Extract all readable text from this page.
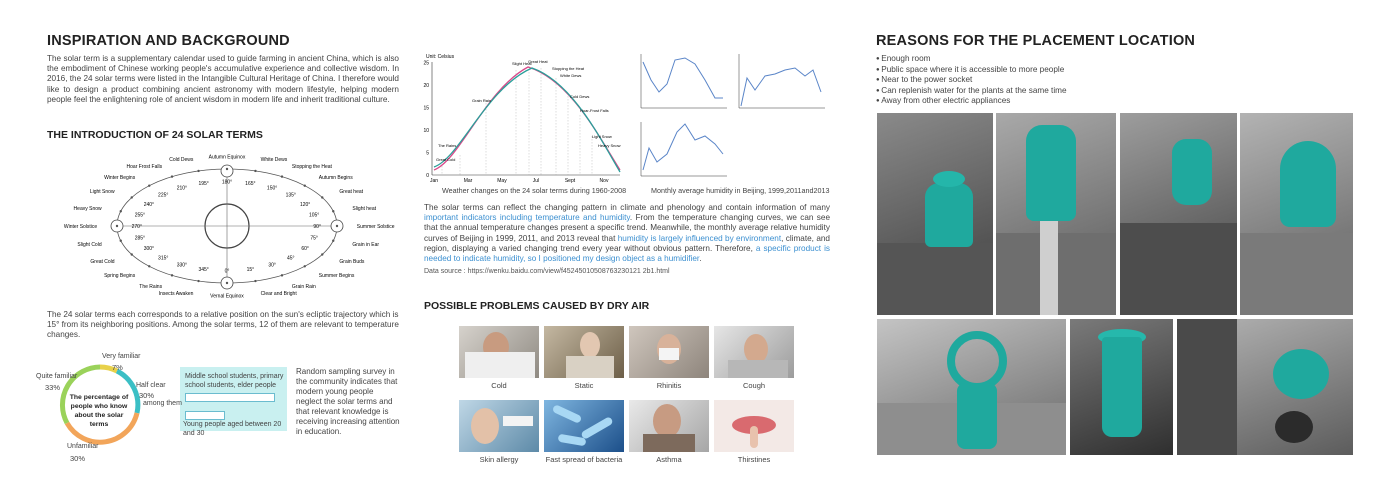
INSPIRATION AND BACKGROUND
The solar term is a supplementary calendar used to guide farming in ancient China, which is also the embodiment of Chinese working people's accumulative experience and collective wisdom. In 2016, the 24 solar terms were listed in the Intangible Cultural Heritage of China. I therefore would like to design a product combining ancient astronomy with modern lifestyle, helping modern people feel the enlightening role of ancient wisdom in modern life and inherit traditional culture.
THE INTRODUCTION OF 24 SOLAR TERMS
Autumn Equinox
180°
White Dews
165°
Stopping the Heat
150°
Autumn Begins
135°
Great heat
120°
Slight heat
105°
Summer Solstice
90°
Grain in Ear
75°
Grain Buds
60°
Summer Begins
45°
Grain Rain
30°
Clear and Bright
15°
Vernal Equinox
0°
Insects Awaken
345°
The Rains
330°
Spring Begins
315°
Great Cold
300°
Slight Cold
285°
Winter Solstice	270°
Heavy Snow
255°
Light Snow
240°
Winter Begins
225°
Hoar Frost Falls
210°
Cold Dews
195°
The 24 solar terms each corresponds to a relative position on the sun's ecliptic trajectory which is 15° from its neighboring positions. Among the solar terms, 12 of them are relevant to temperature changes.
Middle school students, primary school students, elder people
Young people aged between 20 and 30
among them
The percentage of people who know about the solar terms
Very familiar
7%
Quite familiar
33%	Half clear
30%
Unfamiliar
30%
Random sampling survey in the community indicates that modern young people neglect the solar terms and that relevant knowledge is receiving increasing attention in education.
Unit: Celsius
0
5
10
15
20
25
Jan	Mar	May	Jul	Sept	Nov
Great Heat
Slight Heat
Stopping the Heat
White Dews
Cold Dews
Hoar-Frost Falls
Light Snow
Heavy Snow
Grain Rain
The Rains
Great Cold
Weather changes on the 24 solar terms during 1960-2008	Monthly average humidity in Beijing, 1999,2011and2013
The solar terms can reflect the changing pattern in climate and phenology and contain information of many important indicators including temperature and humidity. From the temperature changing curves, we can see that the annual temperature changes present a specific trend. Meanwhile, the monthly average relative humidity curves of Beijing in 1999, 2011, and 2013 reveal that humidity is largely influenced by environment, climate, and region, displaying a varied changing trend every year without obvious pattern. Therefore, a specific product is needed to indicate humidity, so I positioned my design object as a humidifier.
Data source : https://wenku.baidu.com/view/f45245010508763230121 2b1.html
POSSIBLE PROBLEMS CAUSED BY DRY AIR
Cold	Static	Rhinitis	Cough
Skin allergy	Fast spread of bacteria	Asthma	Thirstines
REASONS FOR THE PLACEMENT LOCATION
● Enough room
● Public space where it is accessible to more people
● Near to the power socket
● Can replenish water for the plants at the same time
● Away from other electric appliances
